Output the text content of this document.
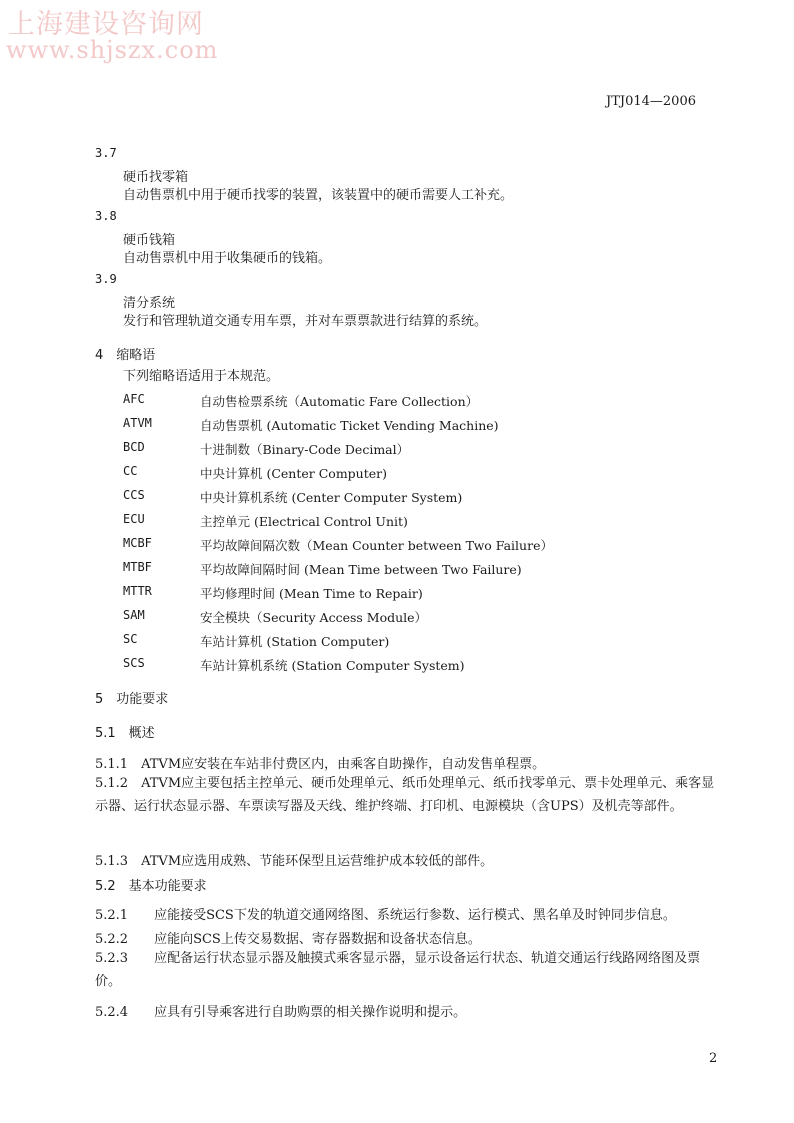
上海建设咨询网
www.shjszx.com
JTJ014—2006
3.7
硬币找零箱
自动售票机中用于硬币找零的装置，该装置中的硬币需要人工补充。
3.8
硬币钱箱
自动售票机中用于收集硬币的钱箱。
3.9
清分系统
发行和管理轨道交通专用车票，并对车票票款进行结算的系统。
4　缩略语
下列缩略语适用于本规范。
AFC	自动售检票系统（Automatic Fare Collection）
ATVM	自动售票机 (Automatic Ticket Vending Machine)
BCD	十进制数（Binary-Code Decimal）
CC	中央计算机 (Center Computer)
CCS	中央计算机系统 (Center Computer System)
ECU	主控单元 (Electrical Control Unit)
MCBF	平均故障间隔次数（Mean Counter between Two Failure）
MTBF	平均故障间隔时间 (Mean Time between Two Failure)
MTTR	平均修理时间 (Mean Time to Repair)
SAM	安全模块（Security Access Module）
SC	车站计算机 (Station Computer)
SCS	车站计算机系统 (Station Computer System)
5　功能要求
5.1　概述
5.1.1　ATVM应安装在车站非付费区内，由乘客自助操作，自动发售单程票。
5.1.2　ATVM应主要包括主控单元、硬币处理单元、纸币处理单元、纸币找零单元、票卡处理单元、乘客显示器、运行状态显示器、车票读写器及天线、维护终端、打印机、电源模块（含UPS）及机壳等部件。
5.1.3　ATVM应选用成熟、节能环保型且运营维护成本较低的部件。
5.2　基本功能要求
5.2.1　　应能接受SCS下发的轨道交通网络图、系统运行参数、运行模式、黑名单及时钟同步信息。
5.2.2　　应能向SCS上传交易数据、寄存器数据和设备状态信息。
5.2.3　　应配备运行状态显示器及触摸式乘客显示器，显示设备运行状态、轨道交通运行线路网络图及票价。
5.2.4　　应具有引导乘客进行自助购票的相关操作说明和提示。
2
